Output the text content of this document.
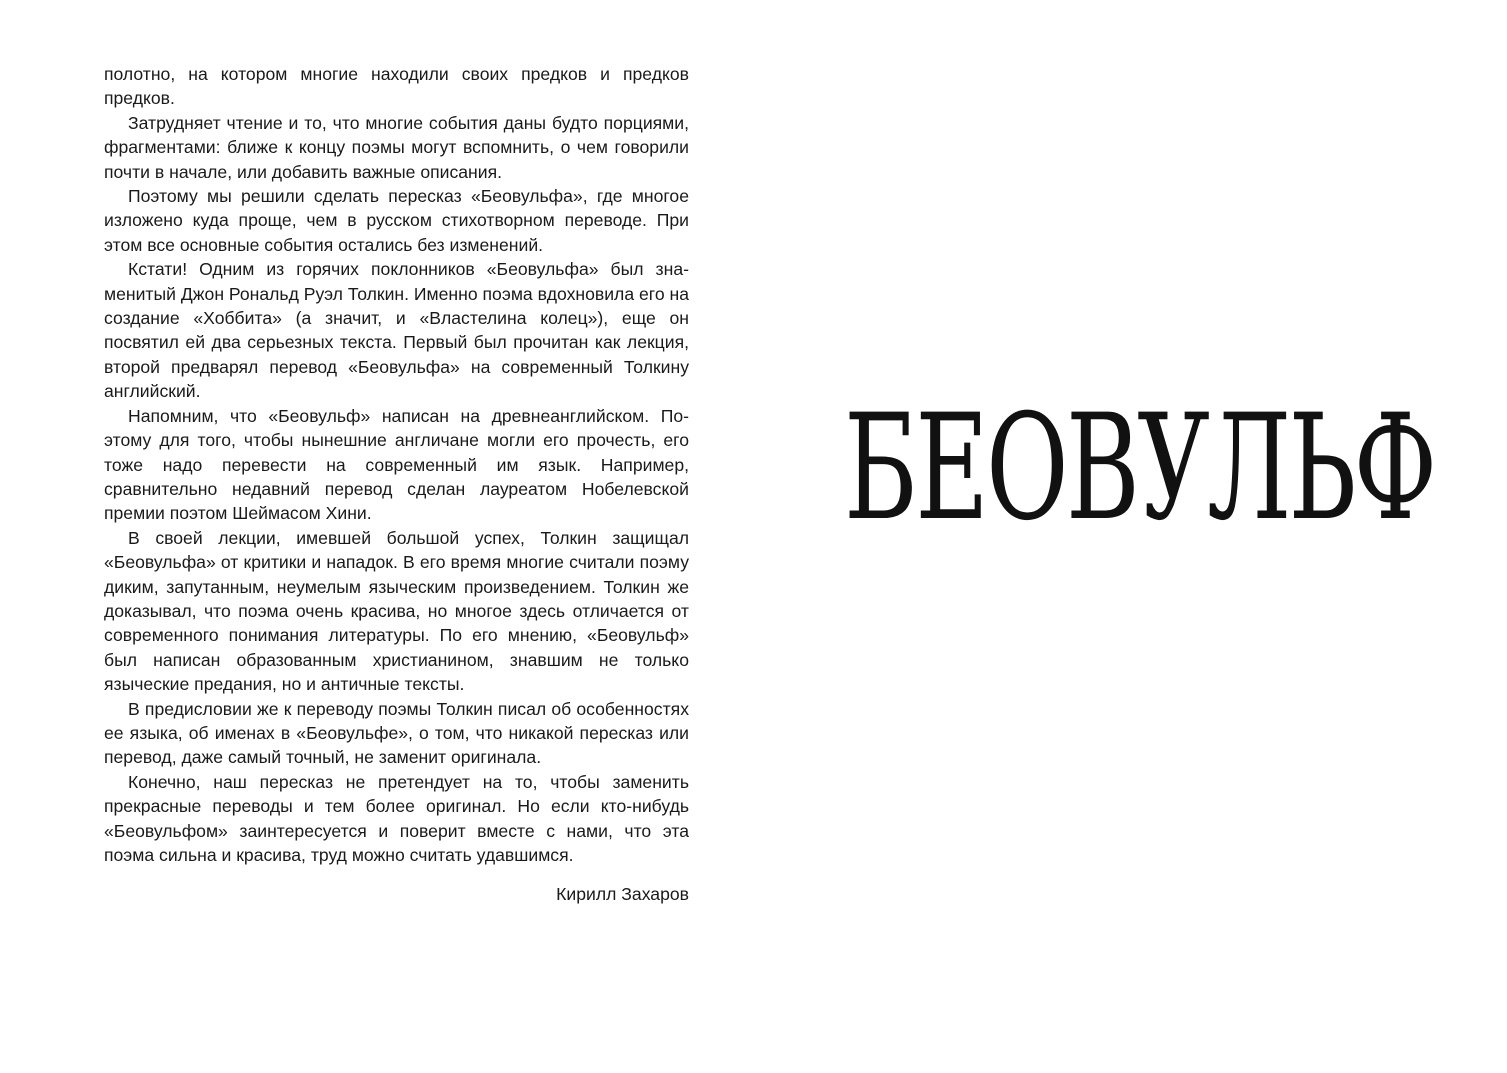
полотно, на котором многие находили своих предков и предков предков.

Затрудняет чтение и то, что многие события даны будто порциями, фрагментами: ближе к концу поэмы могут вспомнить, о чем говорили почти в начале, или добавить важные описания.

Поэтому мы решили сделать пересказ «Беовульфа», где многое изложено куда проще, чем в русском стихотворном переводе. При этом все основные события остались без изменений.

Кстати! Одним из горячих поклонников «Беовульфа» был знаменитый Джон Рональд Руэл Толкин. Именно поэма вдохновила его на создание «Хоббита» (а значит, и «Властелина колец»), еще он посвятил ей два серьезных текста. Первый был прочитан как лекция, второй предварял перевод «Беовульфа» на современный Толкину английский.

Напомним, что «Беовульф» написан на древнеанглийском. Поэтому для того, чтобы нынешние англичане могли его прочесть, его тоже надо перевести на современный им язык. Например, сравнительно недавний перевод сделан лауреатом Нобелевской премии поэтом Шеймасом Хини.

В своей лекции, имевшей большой успех, Толкин защищал «Беовульфа» от критики и нападок. В его время многие считали поэму диким, запутанным, неумелым языческим произведением. Толкин же доказывал, что поэма очень красива, но многое здесь отличается от современного понимания литературы. По его мнению, «Беовульф» был написан образованным христианином, знавшим не только языческие предания, но и античные тексты.

В предисловии же к переводу поэмы Толкин писал об особенностях ее языка, об именах в «Беовульфе», о том, что никакой пересказ или перевод, даже самый точный, не заменит оригинала.

Конечно, наш пересказ не претендует на то, чтобы заменить прекрасные переводы и тем более оригинал. Но если кто-нибудь «Беовульфом» заинтересуется и поверит вместе с нами, что эта поэма сильна и красива, труд можно считать удавшимся.

Кирилл Захаров

БЕОВУЛЬФ
